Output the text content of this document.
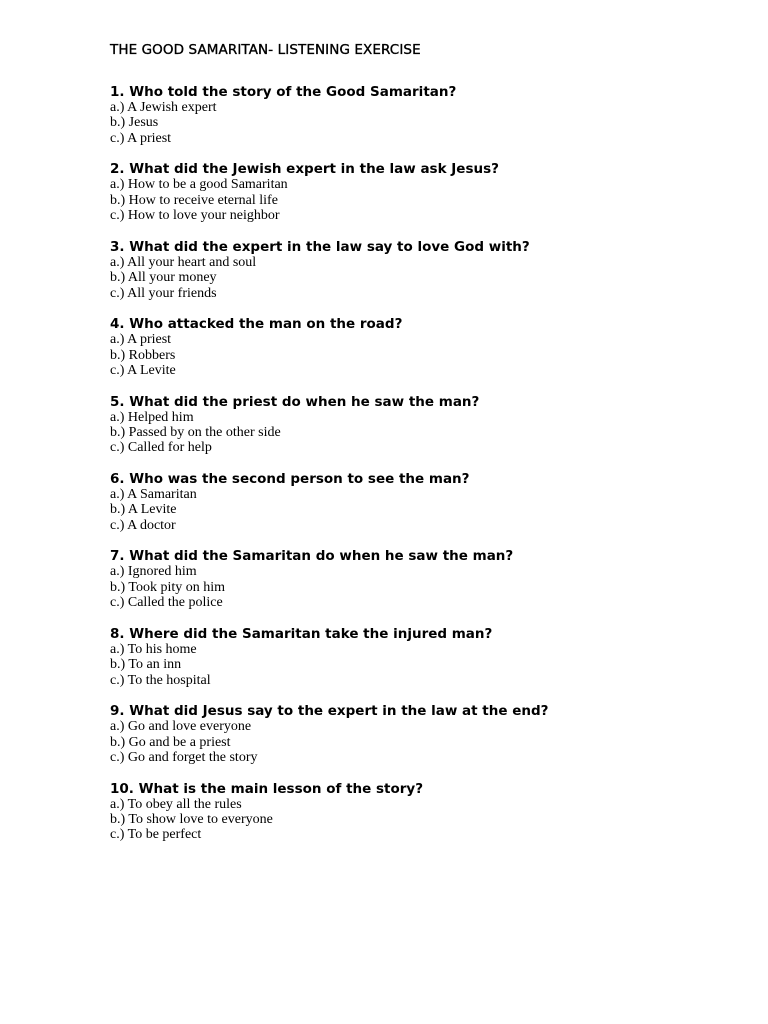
THE GOOD SAMARITAN- LISTENING EXERCISE

1. Who told the story of the Good Samaritan?

a.) A Jewish expert
b.) Jesus
c.) A priest

2. What did the Jewish expert in the law ask Jesus?

a.) How to be a good Samaritan
b.) How to receive eternal life
c.) How to love your neighbor

3. What did the expert in the law say to love God with?

a.) All your heart and soul
b.) All your money
c.) All your friends

4. Who attacked the man on the road?

a.) A priest
b.) Robbers
c.) A Levite

5. What did the priest do when he saw the man?

a.) Helped him
b.) Passed by on the other side
c.) Called for help

6. Who was the second person to see the man?

a.) A Samaritan
b.) A Levite
c.) A doctor

7. What did the Samaritan do when he saw the man?

a.) Ignored him
b.) Took pity on him
c.) Called the police

8. Where did the Samaritan take the injured man?

a.) To his home
b.) To an inn
c.) To the hospital

9. What did Jesus say to the expert in the law at the end?

a.) Go and love everyone
b.) Go and be a priest
c.) Go and forget the story

10. What is the main lesson of the story?

a.) To obey all the rules
b.) To show love to everyone
c.) To be perfect
